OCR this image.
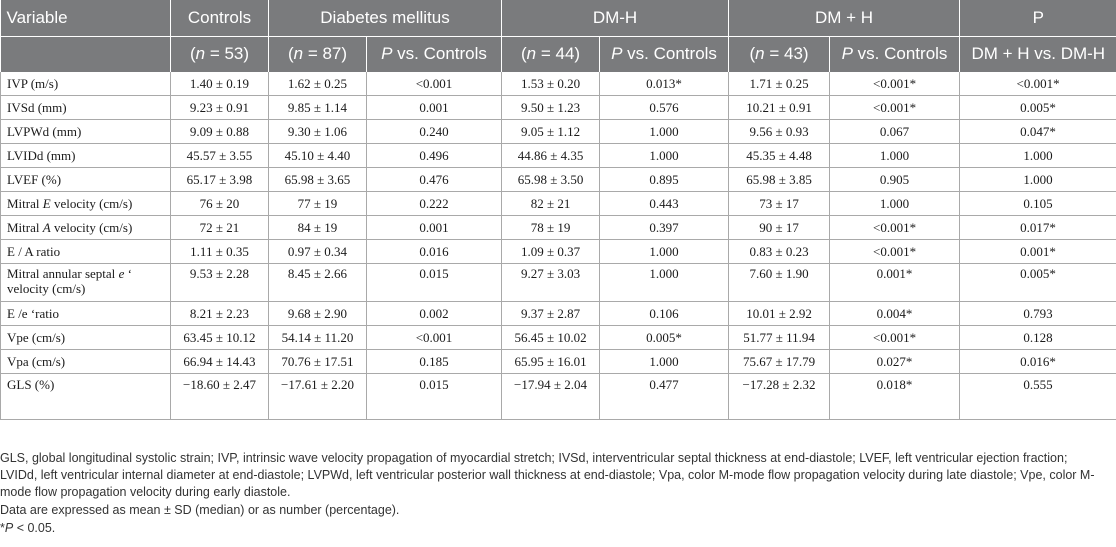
Variable	Controls	Diabetes mellitus		DM-H		DM + H		P
	(n = 53)	(n = 87)	P vs. Controls	(n = 44)	P vs. Controls	(n = 43)	P vs. Controls	DM + H vs. DM-H
IVP (m/s)	1.40 ± 0.19	1.62 ± 0.25	<0.001	1.53 ± 0.20	0.013*	1.71 ± 0.25	<0.001*	<0.001*
IVSd (mm)	9.23 ± 0.91	9.85 ± 1.14	0.001	9.50 ± 1.23	0.576	10.21 ± 0.91	<0.001*	0.005*
LVPWd (mm)	9.09 ± 0.88	9.30 ± 1.06	0.240	9.05 ± 1.12	1.000	9.56 ± 0.93	0.067	0.047*
LVIDd (mm)	45.57 ± 3.55	45.10 ± 4.40	0.496	44.86 ± 4.35	1.000	45.35 ± 4.48	1.000	1.000
LVEF (%)	65.17 ± 3.98	65.98 ± 3.65	0.476	65.98 ± 3.50	0.895	65.98 ± 3.85	0.905	1.000
Mitral E velocity (cm/s)	76 ± 20	77 ± 19	0.222	82 ± 21	0.443	73 ± 17	1.000	0.105
Mitral A velocity (cm/s)	72 ± 21	84 ± 19	0.001	78 ± 19	0.397	90 ± 17	<0.001*	0.017*
E / A ratio	1.11 ± 0.35	0.97 ± 0.34	0.016	1.09 ± 0.37	1.000	0.83 ± 0.23	<0.001*	0.001*
Mitral annular septal e ‘ velocity (cm/s)	9.53 ± 2.28	8.45 ± 2.66	0.015	9.27 ± 3.03	1.000	7.60 ± 1.90	0.001*	0.005*
E /e ‘ratio	8.21 ± 2.23	9.68 ± 2.90	0.002	9.37 ± 2.87	0.106	10.01 ± 2.92	0.004*	0.793
Vpe (cm/s)	63.45 ± 10.12	54.14 ± 11.20	<0.001	56.45 ± 10.02	0.005*	51.77 ± 11.94	<0.001*	0.128
Vpa (cm/s)	66.94 ± 14.43	70.76 ± 17.51	0.185	65.95 ± 16.01	1.000	75.67 ± 17.79	0.027*	0.016*
GLS (%)	−18.60 ± 2.47	−17.61 ± 2.20	0.015	−17.94 ± 2.04	0.477	−17.28 ± 2.32	0.018*	0.555

GLS, global longitudinal systolic strain; IVP, intrinsic wave velocity propagation of myocardial stretch; IVSd, interventricular septal thickness at end-diastole; LVEF, left ventricular ejection fraction; LVIDd, left ventricular internal diameter at end-diastole; LVPWd, left ventricular posterior wall thickness at end-diastole; Vpa, color M-mode flow propagation velocity during late diastole; Vpe, color M-mode flow propagation velocity during early diastole.

Data are expressed as mean ± SD (median) or as number (percentage).

*P < 0.05.
